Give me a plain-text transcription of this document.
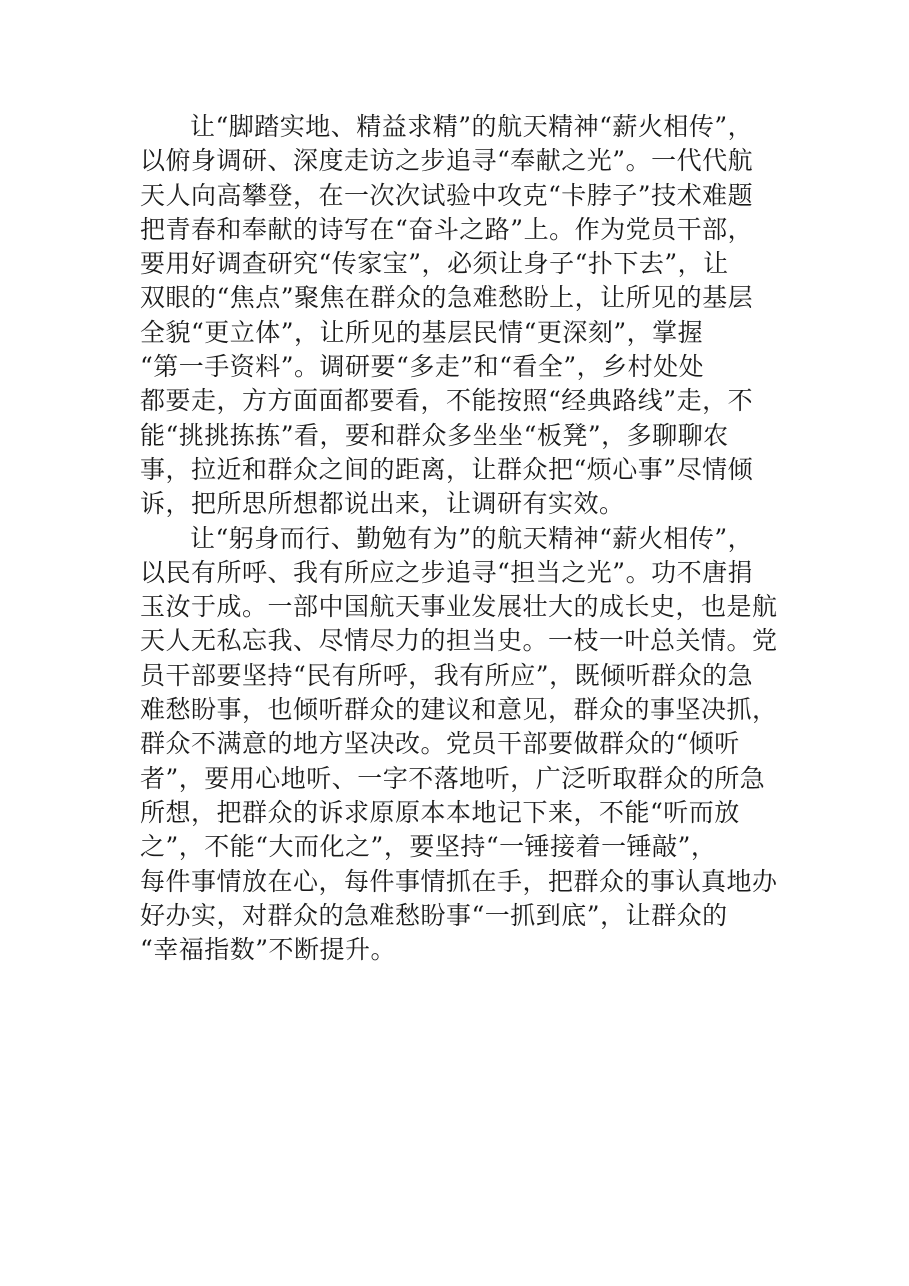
让“脚踏实地、精益求精”的航天精神“薪火相传”，
以俯身调研、深度走访之步追寻“奉献之光”。一代代航
天人向高攀登，在一次次试验中攻克“卡脖子”技术难题
把青春和奉献的诗写在“奋斗之路”上。作为党员干部，
要用好调查研究“传家宝”，必须让身子“扑下去”，让
双眼的“焦点”聚焦在群众的急难愁盼上，让所见的基层
全貌“更立体”，让所见的基层民情“更深刻”，掌握
“第一手资料”。调研要“多走”和“看全”，乡村处处
都要走，方方面面都要看，不能按照“经典路线”走，不
能“挑挑拣拣”看，要和群众多坐坐“板凳”，多聊聊农
事，拉近和群众之间的距离，让群众把“烦心事”尽情倾
诉，把所思所想都说出来，让调研有实效。
让“躬身而行、勤勉有为”的航天精神“薪火相传”，
以民有所呼、我有所应之步追寻“担当之光”。功不唐捐
玉汝于成。一部中国航天事业发展壮大的成长史，也是航
天人无私忘我、尽情尽力的担当史。一枝一叶总关情。党
员干部要坚持“民有所呼，我有所应”，既倾听群众的急
难愁盼事，也倾听群众的建议和意见，群众的事坚决抓，
群众不满意的地方坚决改。党员干部要做群众的“倾听
者”，要用心地听、一字不落地听，广泛听取群众的所急
所想，把群众的诉求原原本本地记下来，不能“听而放
之”，不能“大而化之”，要坚持“一锤接着一锤敲”，
每件事情放在心，每件事情抓在手，把群众的事认真地办
好办实，对群众的急难愁盼事“一抓到底”，让群众的
“幸福指数”不断提升。
